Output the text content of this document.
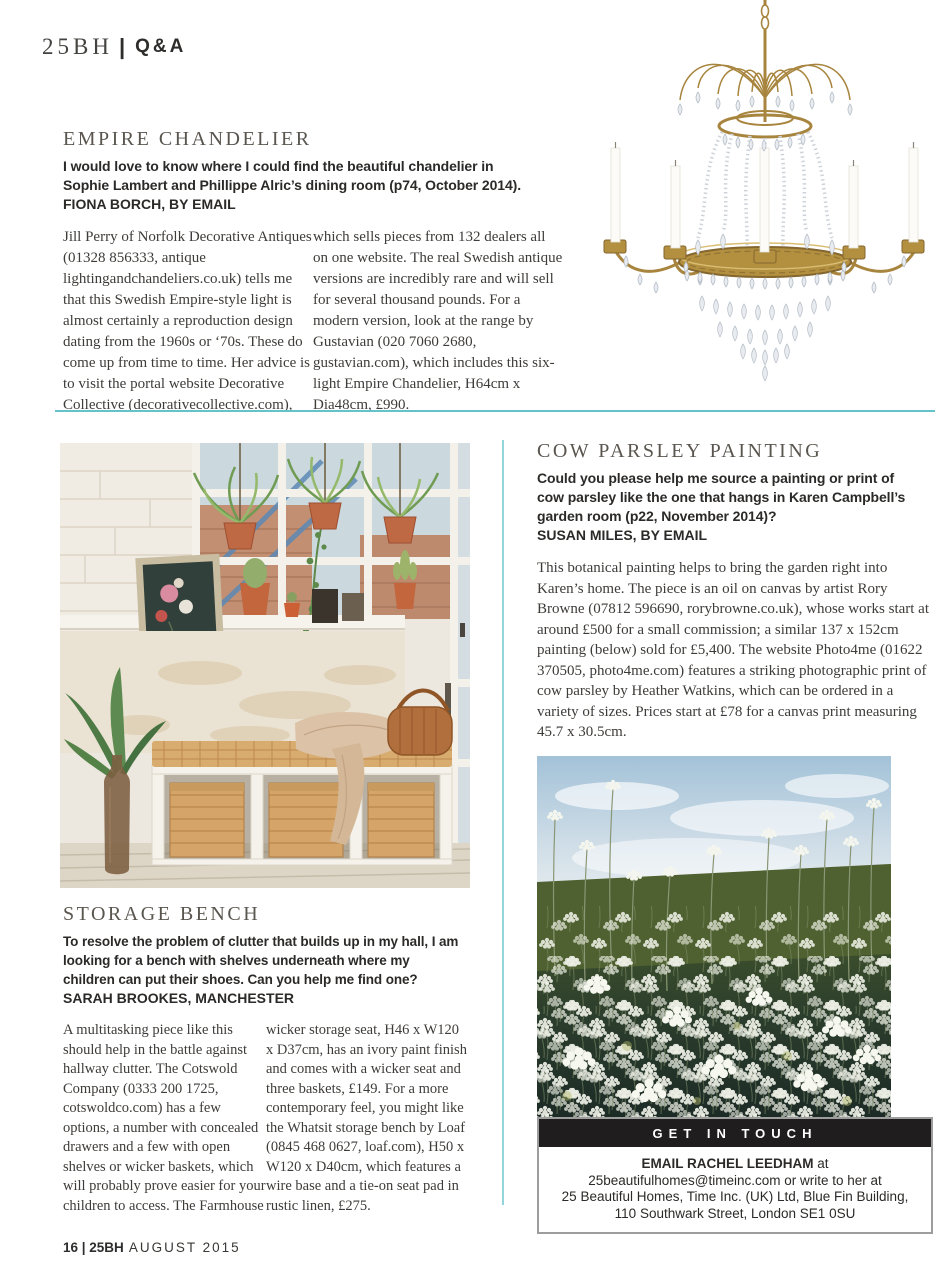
25BH | Q&A
EMPIRE CHANDELIER

I would love to know where I could find the beautiful chandelier in Sophie Lambert and Phillippe Alric’s dining room (p74, October 2014).

FIONA BORCH, BY EMAIL

Jill Perry of Norfolk Decorative Antiques (01328 856333, antique lightingandchandeliers.co.uk) tells me that this Swedish Empire-style light is almost certainly a reproduction design dating from the 1960s or ‘70s. These do come up from time to time. Her advice is to visit the portal website Decorative Collective (decorativecollective.com),

which sells pieces from 132 dealers all on one website. The real Swedish antique versions are incredibly rare and will sell for several thousand pounds. For a modern version, look at the range by Gustavian (020 7060 2680, gustavian.com), which includes this six-light Empire Chandelier, H64cm x Dia48cm, £990.

STORAGE BENCH

To resolve the problem of clutter that builds up in my hall, I am looking for a bench with shelves underneath where my children can put their shoes. Can you help me find one?

SARAH BROOKES, MANCHESTER

A multitasking piece like this should help in the battle against hallway clutter. The Cotswold Company (0333 200 1725, cotswoldco.com) has a few options, a number with concealed drawers and a few with open shelves or wicker baskets, which will probably prove easier for your children to access. The Farmhouse

wicker storage seat, H46 x W120 x D37cm, has an ivory paint finish and comes with a wicker seat and three baskets, £149. For a more contemporary feel, you might like the Whatsit storage bench by Loaf (0845 468 0627, loaf.com), H50 x W120 x D40cm, which features a wire base and a tie-on seat pad in rustic linen, £275.

COW PARSLEY PAINTING

Could you please help me source a painting or print of cow parsley like the one that hangs in Karen Campbell’s garden room (p22, November 2014)?

SUSAN MILES, BY EMAIL

This botanical painting helps to bring the garden right into Karen’s home. The piece is an oil on canvas by artist Rory Browne (07812 596690, rorybrowne.co.uk), whose works start at around £500 for a small commission; a similar 137 x 152cm painting (below) sold for £5,400. The website Photo4me (01622 370505, photo4me.com) features a striking photographic print of cow parsley by Heather Watkins, which can be ordered in a variety of sizes. Prices start at £78 for a canvas print measuring 45.7 x 30.5cm.

GET IN TOUCH
EMAIL RACHEL LEEDHAM at
25beautifulhomes@timeinc.com or write to her at
25 Beautiful Homes, Time Inc. (UK) Ltd, Blue Fin Building,
110 Southwark Street, London SE1 0SU
16 | 25BH AUGUST 2015
